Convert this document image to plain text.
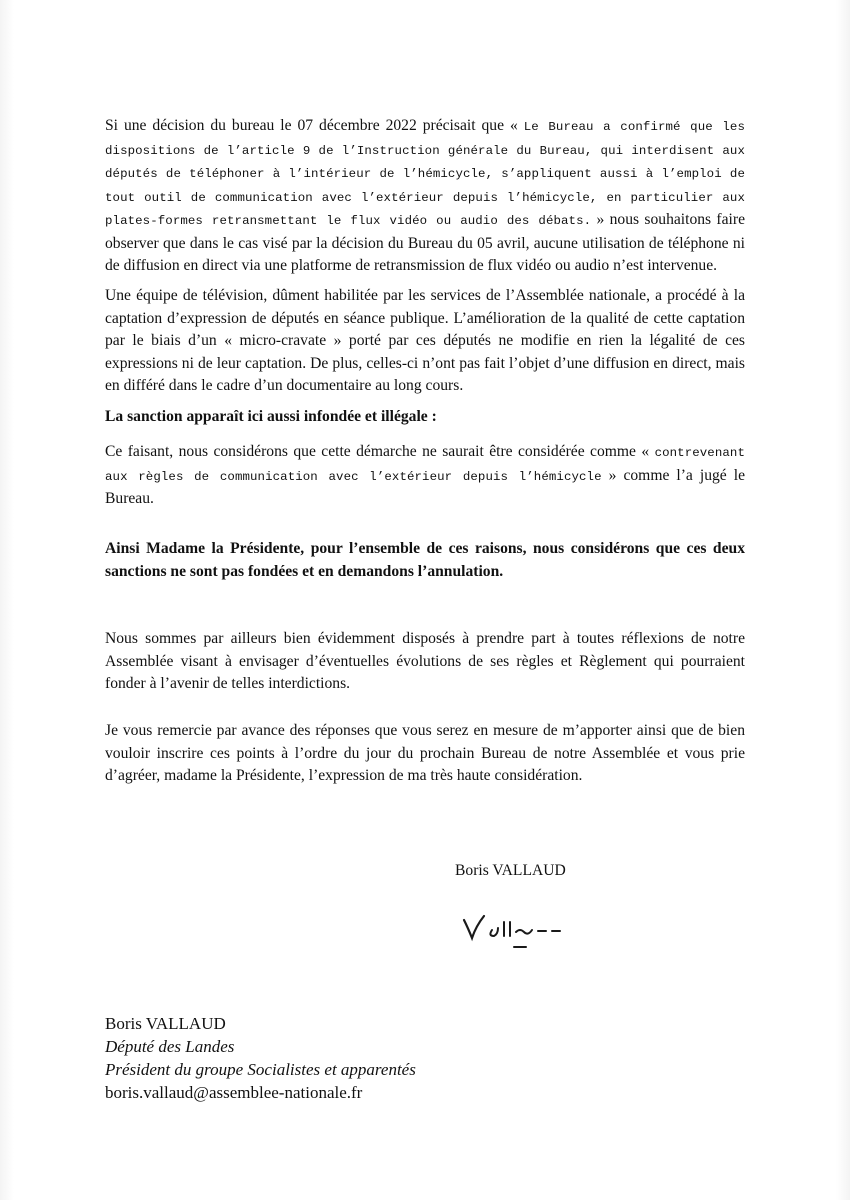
Si une décision du bureau le 07 décembre 2022 précisait que « Le Bureau a confirmé que les dispositions de l’article 9 de l’Instruction générale du Bureau, qui interdisent aux députés de téléphoner à l’intérieur de l’hémicycle, s’appliquent aussi à l’emploi de tout outil de communication avec l’extérieur depuis l’hémicycle, en particulier aux plates-formes retransmettant le flux vidéo ou audio des débats. » nous souhaitons faire observer que dans le cas visé par la décision du Bureau du 05 avril, aucune utilisation de téléphone ni de diffusion en direct via une platforme de retransmission de flux vidéo ou audio n’est intervenue.

Une équipe de télévision, dûment habilitée par les services de l’Assemblée nationale, a procédé à la captation d’expression de députés en séance publique. L’amélioration de la qualité de cette captation par le biais d’un « micro-cravate » porté par ces députés ne modifie en rien la légalité de ces expressions ni de leur captation. De plus, celles-ci n’ont pas fait l’objet d’une diffusion en direct, mais en différé dans le cadre d’un documentaire au long cours.

La sanction apparaît ici aussi infondée et illégale :

Ce faisant, nous considérons que cette démarche ne saurait être considérée comme « contrevenant aux règles de communication avec l’extérieur depuis l’hémicycle » comme l’a jugé le Bureau.

Ainsi Madame la Présidente, pour l’ensemble de ces raisons, nous considérons que ces deux sanctions ne sont pas fondées et en demandons l’annulation.

Nous sommes par ailleurs bien évidemment disposés à prendre part à toutes réflexions de notre Assemblée visant à envisager d’éventuelles évolutions de ses règles et Règlement qui pourraient fonder à l’avenir de telles interdictions.

Je vous remercie par avance des réponses que vous serez en mesure de m’apporter ainsi que de bien vouloir inscrire ces points à l’ordre du jour du prochain Bureau de notre Assemblée et vous prie d’agréer, madame la Présidente, l’expression de ma très haute considération.

Boris VALLAUD
Boris VALLAUD
Député des Landes
Président du groupe Socialistes et apparentés
boris.vallaud@assemblee-nationale.fr
